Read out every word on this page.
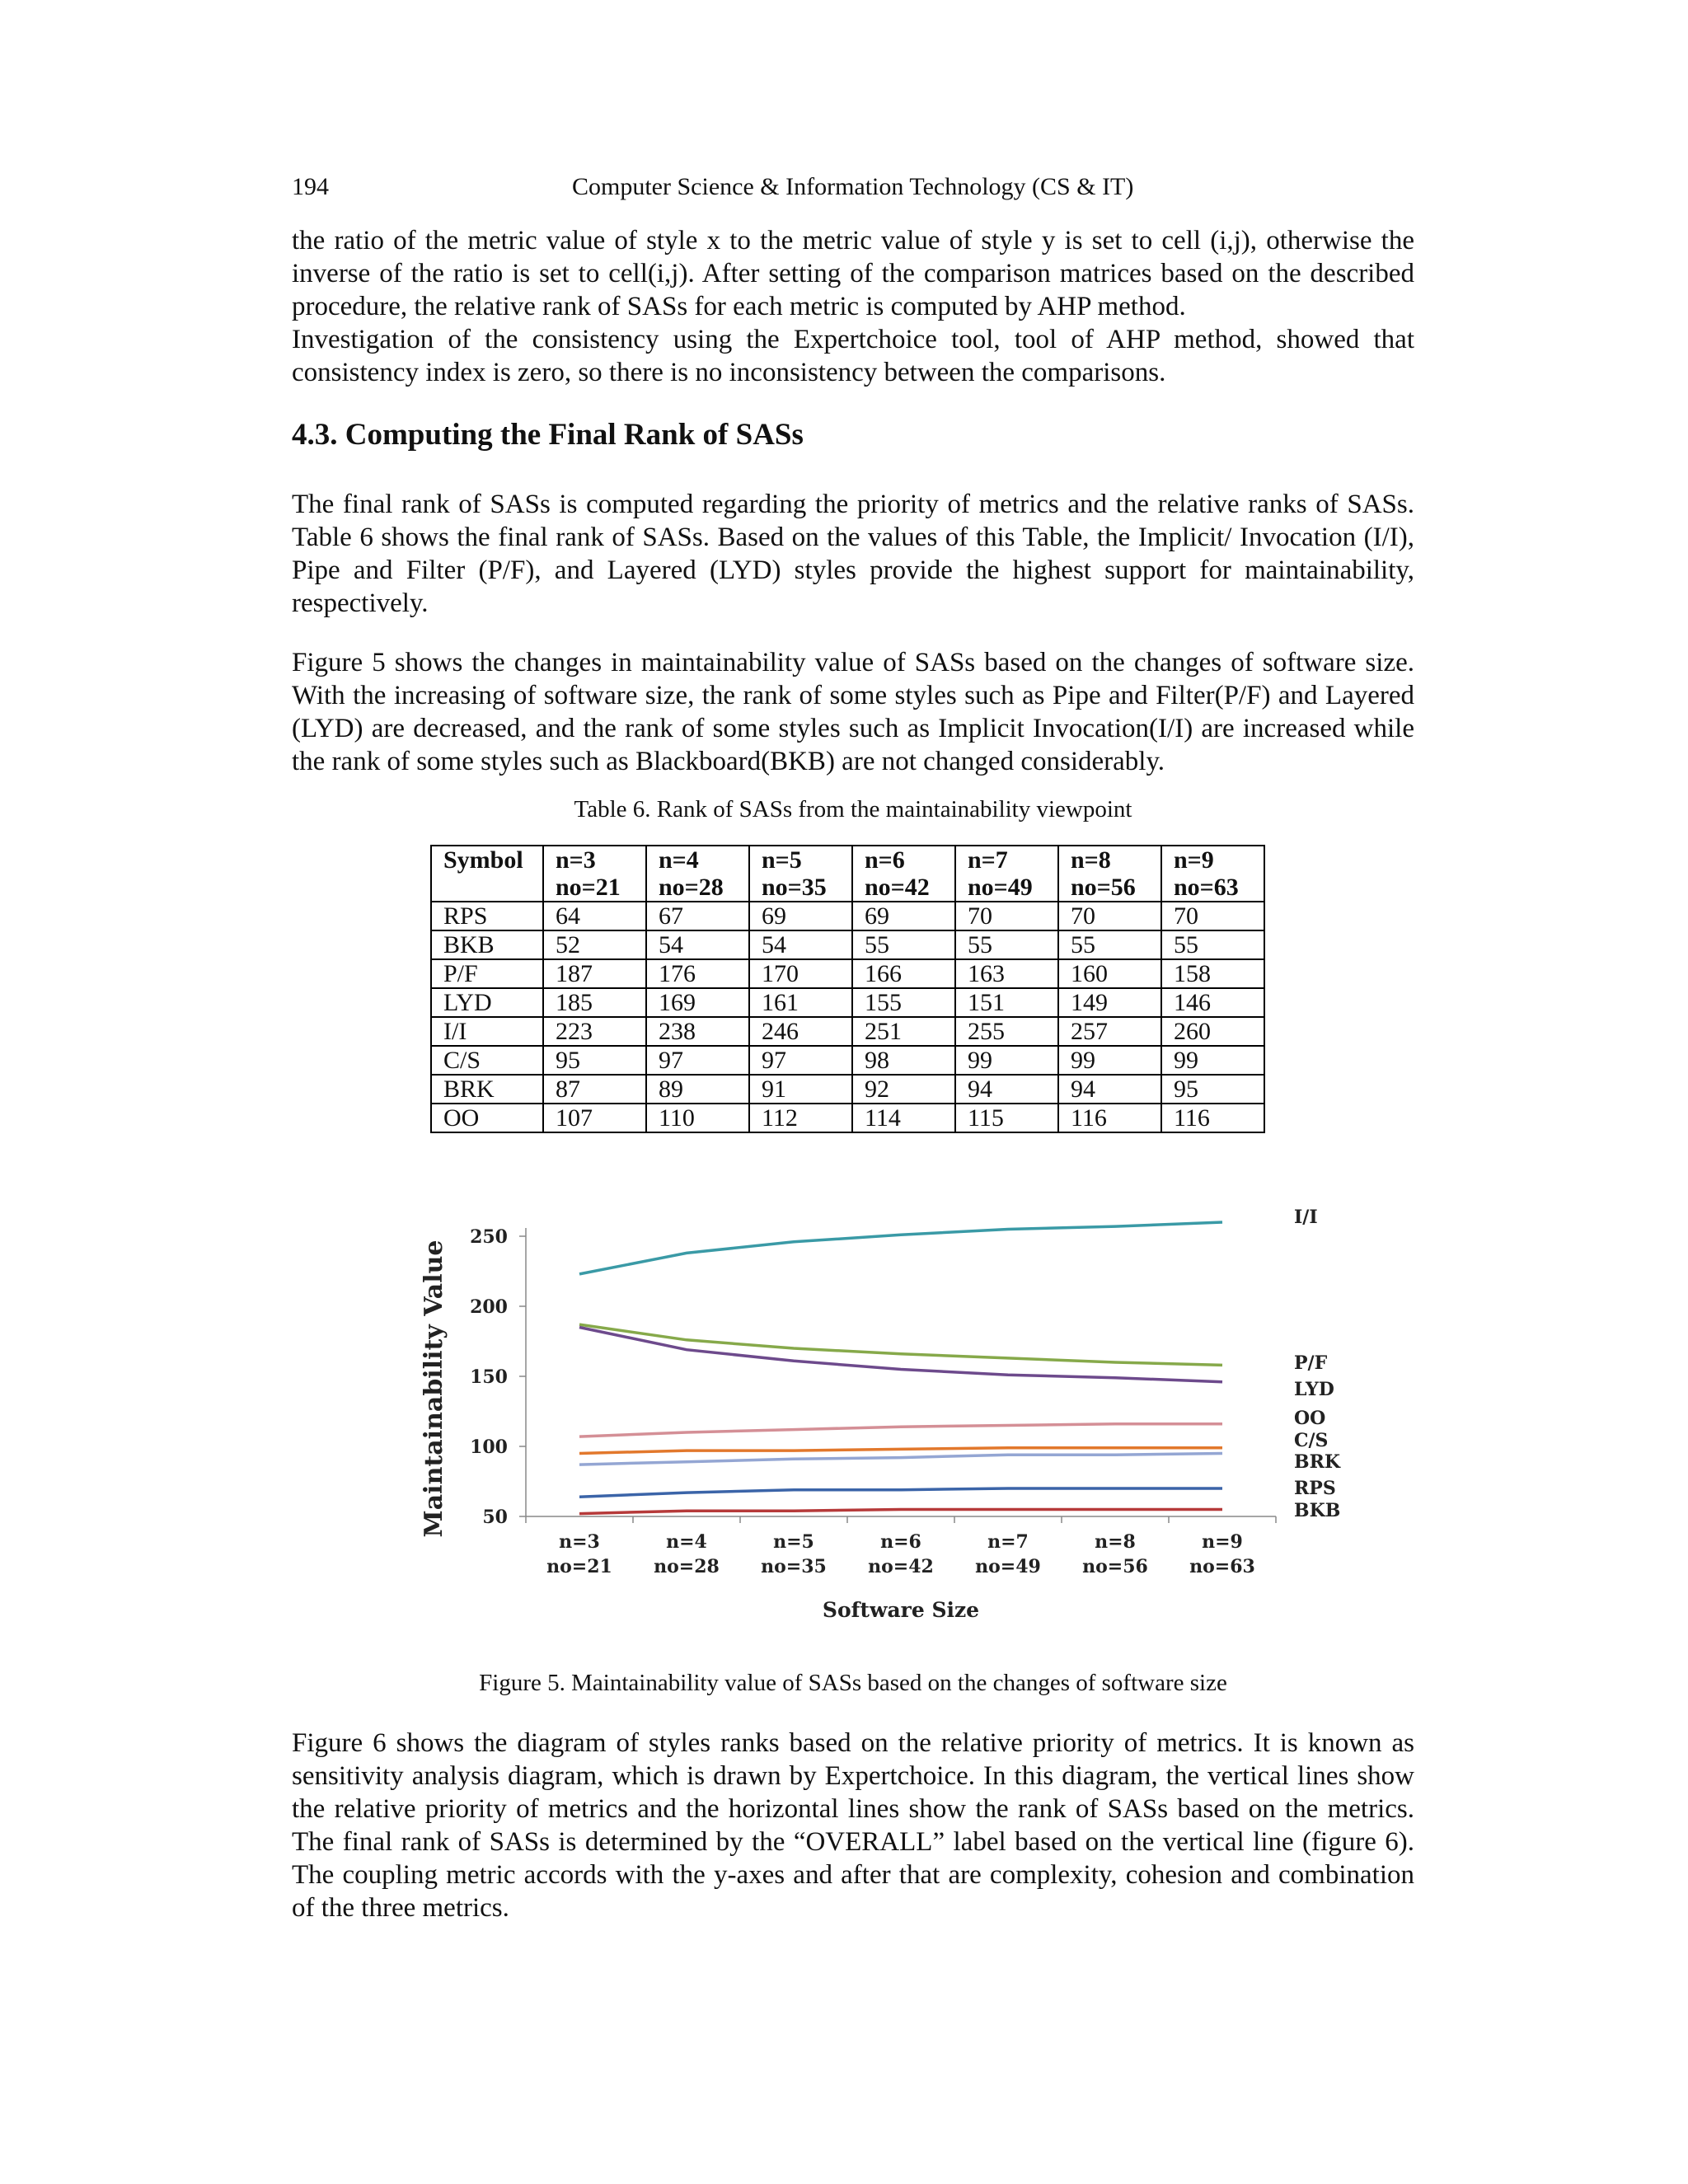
194	Computer Science & Information Technology (CS & IT)
the ratio of the metric value of style x to the metric value of style y is set to cell (i,j), otherwise the inverse of the ratio is set to cell(i,j). After setting of the comparison matrices based on the described procedure, the relative rank of SASs for each metric is computed by AHP method.
Investigation of the consistency using the Expertchoice tool, tool of AHP method, showed that consistency index is zero, so there is no inconsistency between the comparisons.
4.3. Computing the Final Rank of SASs

The final rank of SASs is computed regarding the priority of metrics and the relative ranks of SASs. Table 6 shows the final rank of SASs. Based on the values of this Table, the Implicit/ Invocation (I/I), Pipe and Filter (P/F), and Layered (LYD) styles provide the highest support for maintainability, respectively.

Figure 5 shows the changes in maintainability value of SASs based on the changes of software size. With the increasing of software size, the rank of some styles such as Pipe and Filter(P/F) and Layered (LYD) are decreased, and the rank of some styles such as Implicit Invocation(I/I) are increased while the rank of some styles such as Blackboard(BKB) are not changed considerably.

Table 6. Rank of SASs from the maintainability viewpoint
Symbol	n=3	n=4	n=5	n=6	n=7	n=8	n=9
	no=21	no=28	no=35	no=42	no=49	no=56	no=63
RPS	64	67	69	69	70	70	70
BKB	52	54	54	55	55	55	55
P/F	187	176	170	166	163	160	158
LYD	185	169	161	155	151	149	146
I/I	223	238	246	251	255	257	260
C/S	95	97	97	98	99	99	99
BRK	87	89	91	92	94	94	95
OO	107	110	112	114	115	116	116
50
100
150
200
250
n=3
no=21
n=4
no=28
n=5
no=35
n=6
no=42
n=7
no=49
n=8
no=56
n=9
no=63
Software Size
Maintainability Value
I/I
P/F
LYD
OO
C/S
BRK
RPS
BKB
Figure 5. Maintainability value of SASs based on the changes of software size

Figure 6 shows the diagram of styles ranks based on the relative priority of metrics. It is known as sensitivity analysis diagram, which is drawn by Expertchoice. In this diagram, the vertical lines show the relative priority of metrics and the horizontal lines show the rank of SASs based on the metrics. The final rank of SASs is determined by the “OVERALL” label based on the vertical line (figure 6). The coupling metric accords with the y-axes and after that are complexity, cohesion and combination of the three metrics.
